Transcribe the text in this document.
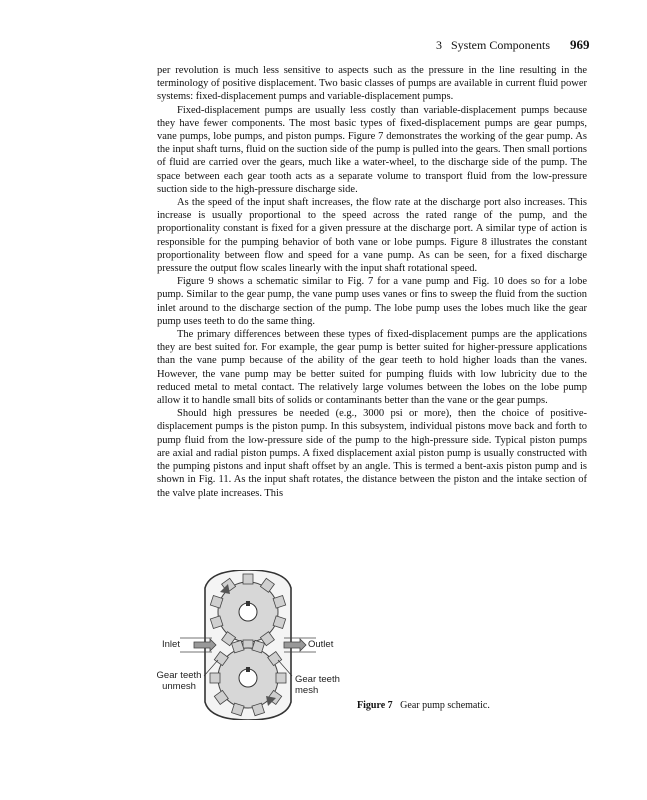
3   System Components 969

per revolution is much less sensitive to aspects such as the pressure in the line resulting in the terminology of positive displacement. Two basic classes of pumps are available in current fluid power systems: fixed-displacement pumps and variable-displacement pumps.

Fixed-displacement pumps are usually less costly than variable-displacement pumps because they have fewer components. The most basic types of fixed-displacement pumps are gear pumps, vane pumps, lobe pumps, and piston pumps. Figure 7 demonstrates the working of the gear pump. As the input shaft turns, fluid on the suction side of the pump is pulled into the gears. Then small portions of fluid are carried over the gears, much like a water-wheel, to the discharge side of the pump. The space between each gear tooth acts as a separate volume to transport fluid from the low-pressure suction side to the high-pressure discharge side.

As the speed of the input shaft increases, the flow rate at the discharge port also increases. This increase is usually proportional to the speed across the rated range of the pump, and the proportionality constant is fixed for a given pressure at the discharge port. A similar type of action is responsible for the pumping behavior of both vane or lobe pumps. Figure 8 illustrates the constant proportionality between flow and speed for a vane pump. As can be seen, for a fixed discharge pressure the output flow scales linearly with the input shaft rotational speed.

Figure 9 shows a schematic similar to Fig. 7 for a vane pump and Fig. 10 does so for a lobe pump. Similar to the gear pump, the vane pump uses vanes or fins to sweep the fluid from the suction inlet around to the discharge section of the pump. The lobe pump uses the lobes much like the gear pump uses teeth to do the same thing.

The primary differences between these types of fixed-displacement pumps are the applications they are best suited for. For example, the gear pump is better suited for higher-pressure applications than the vane pump because of the ability of the gear teeth to hold higher loads than the vanes. However, the vane pump may be better suited for pumping fluids with low lubricity due to the reduced metal to metal contact. The relatively large volumes between the lobes on the lobe pump allow it to handle small bits of solids or contaminants better than the vane or the gear pumps.

Should high pressures be needed (e.g., 3000 psi or more), then the choice of positive-displacement pumps is the piston pump. In this subsystem, individual pistons move back and forth to pump fluid from the low-pressure side of the pump to the high-pressure side. Typical piston pumps are axial and radial piston pumps. A fixed displacement axial piston pump is usually constructed with the pumping pistons and input shaft offset by an angle. This is termed a bent-axis piston pump and is shown in Fig. 11. As the input shaft rotates, the distance between the piston and the intake section of the valve plate increases. This

Inlet	Outlet
Gear teeth unmesh
Gear teeth mesh
Figure 7 Gear pump schematic.
